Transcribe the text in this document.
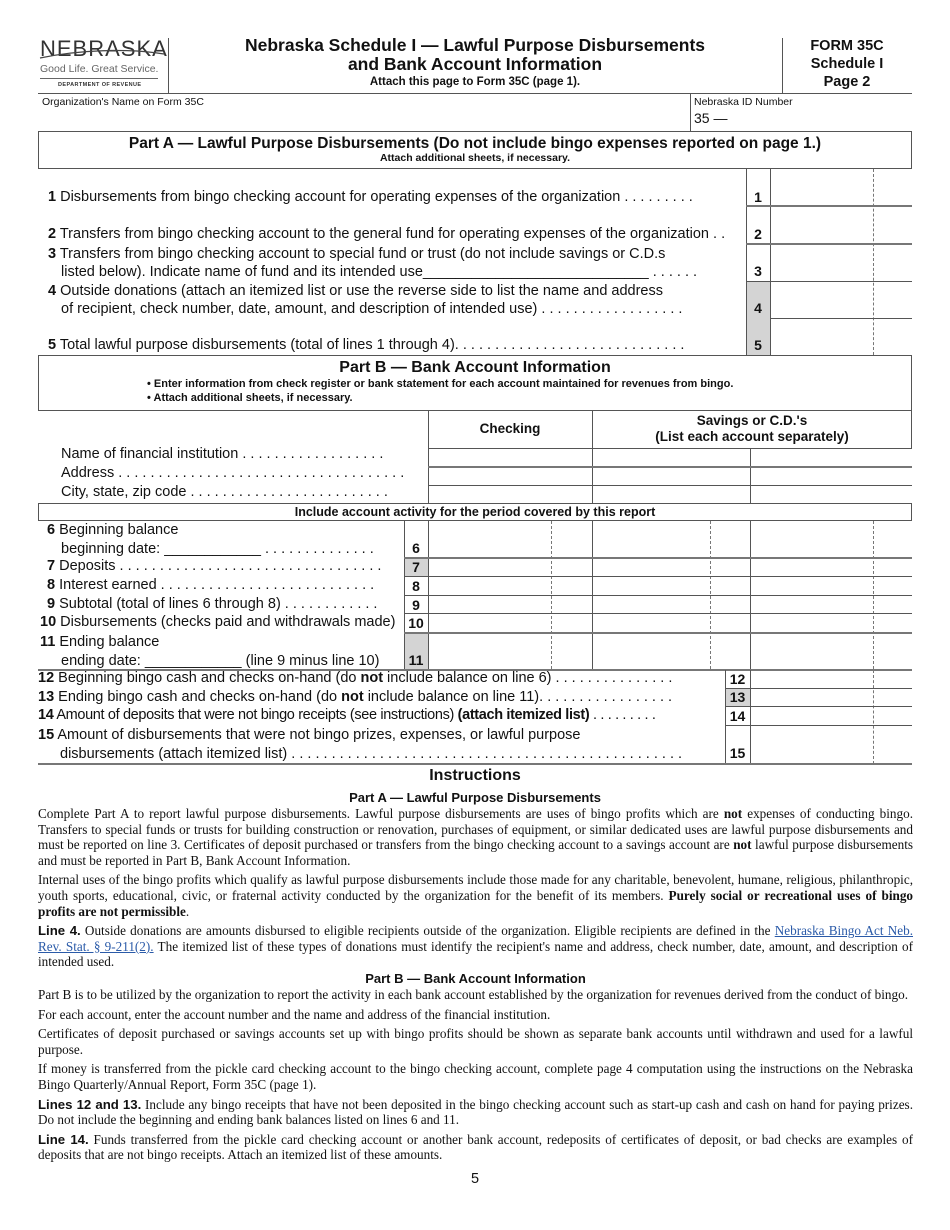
NEBRASKA
Good Life. Great Service.
DEPARTMENT OF REVENUE
Nebraska Schedule I — Lawful Purpose Disbursements
and Bank Account Information
Attach this page to Form 35C (page 1).
FORM 35C
Schedule I
Page 2
Organization's Name on Form 35C	Nebraska ID Number
35 —
Part A — Lawful Purpose Disbursements (Do not include bingo expenses reported on page 1.)
Attach additional sheets, if necessary.
1 Disbursements from bingo checking account for operating expenses of the organization . . . . . . . . .	1
2 Transfers from bingo checking account to the general fund for operating expenses of the organization . .	2
3 Transfers from bingo checking account to special fund or trust (do not include savings or C.D.s
listed below). Indicate name of fund and its intended use____________________________ . . . . . .	3
4 Outside donations (attach an itemized list or use the reverse side to list the name and address
of recipient, check number, date, amount, and description of intended use) . . . . . . . . . . . . . . . . . .	4
5 Total lawful purpose disbursements (total of lines 1 through 4). . . . . . . . . . . . . . . . . . . . . . . . . . . . .	5
Part B — Bank Account Information
• Enter information from check register or bank statement for each account maintained for revenues from bingo.
• Attach additional sheets, if necessary.
Checking
Savings or C.D.'s
(List each account separately)
Name of financial institution . . . . . . . . . . . . . . . . . .
Address . . . . . . . . . . . . . . . . . . . . . . . . . . . . . . . . . . . .
City, state, zip code . . . . . . . . . . . . . . . . . . . . . . . . .
Include account activity for the period covered by this report
6 Beginning balance
beginning date: ____________ . . . . . . . . . . . . . .	6
7 Deposits . . . . . . . . . . . . . . . . . . . . . . . . . . . . . . . . .	7
8 Interest earned . . . . . . . . . . . . . . . . . . . . . . . . . . .	8
9 Subtotal (total of lines 6 through 8) . . . . . . . . . . . .	9
10 Disbursements (checks paid and withdrawals made) 10
11 Ending balance
ending date: ____________ (line 9 minus line 10)	11
12 Beginning bingo cash and checks on-hand (do not include balance on line 6) . . . . . . . . . . . . . . .	12
13 Ending bingo cash and checks on-hand (do not include balance on line 11). . . . . . . . . . . . . . . . .	13
14 Amount of deposits that were not bingo receipts (see instructions) (attach itemized list) . . . . . . . . .	14
15 Amount of disbursements that were not bingo prizes, expenses, or lawful purpose
disbursements (attach itemized list) . . . . . . . . . . . . . . . . . . . . . . . . . . . . . . . . . . . . . . . . . . . . . . . . .	15
Instructions
Part A — Lawful Purpose Disbursements

Complete Part A to report lawful purpose disbursements. Lawful purpose disbursements are uses of bingo profits which are not expenses of conducting bingo. Transfers to special funds or trusts for building construction or renovation, purchases of equipment, or similar dedicated uses are lawful purpose disbursements and must be reported on line 3. Certificates of deposit purchased or transfers from the bingo checking account to a savings account are not lawful purpose disbursements and must be reported in Part B, Bank Account Information.

Internal uses of the bingo profits which qualify as lawful purpose disbursements include those made for any charitable, benevolent, humane, religious, philanthropic, youth sports, educational, civic, or fraternal activity conducted by the organization for the benefit of its members. Purely social or recreational uses of bingo profits are not permissible.

Line 4. Outside donations are amounts disbursed to eligible recipients outside of the organization. Eligible recipients are defined in the Nebraska Bingo Act Neb. Rev. Stat. § 9-211(2). The itemized list of these types of donations must identify the recipient's name and address, check number, date, amount, and description of intended used.

Part B — Bank Account Information

Part B is to be utilized by the organization to report the activity in each bank account established by the organization for revenues derived from the conduct of bingo.

For each account, enter the account number and the name and address of the financial institution.

Certificates of deposit purchased or savings accounts set up with bingo profits should be shown as separate bank accounts until withdrawn and used for a lawful purpose.

If money is transferred from the pickle card checking account to the bingo checking account, complete page 4 computation using the instructions on the Nebraska Bingo Quarterly/Annual Report, Form 35C (page 1).

Lines 12 and 13. Include any bingo receipts that have not been deposited in the bingo checking account such as start-up cash and cash on hand for paying prizes. Do not include the beginning and ending bank balances listed on lines 6 and 11.

Line 14. Funds transferred from the pickle card checking account or another bank account, redeposits of certificates of deposit, or bad checks are examples of deposits that are not bingo receipts. Attach an itemized list of these amounts.

5
